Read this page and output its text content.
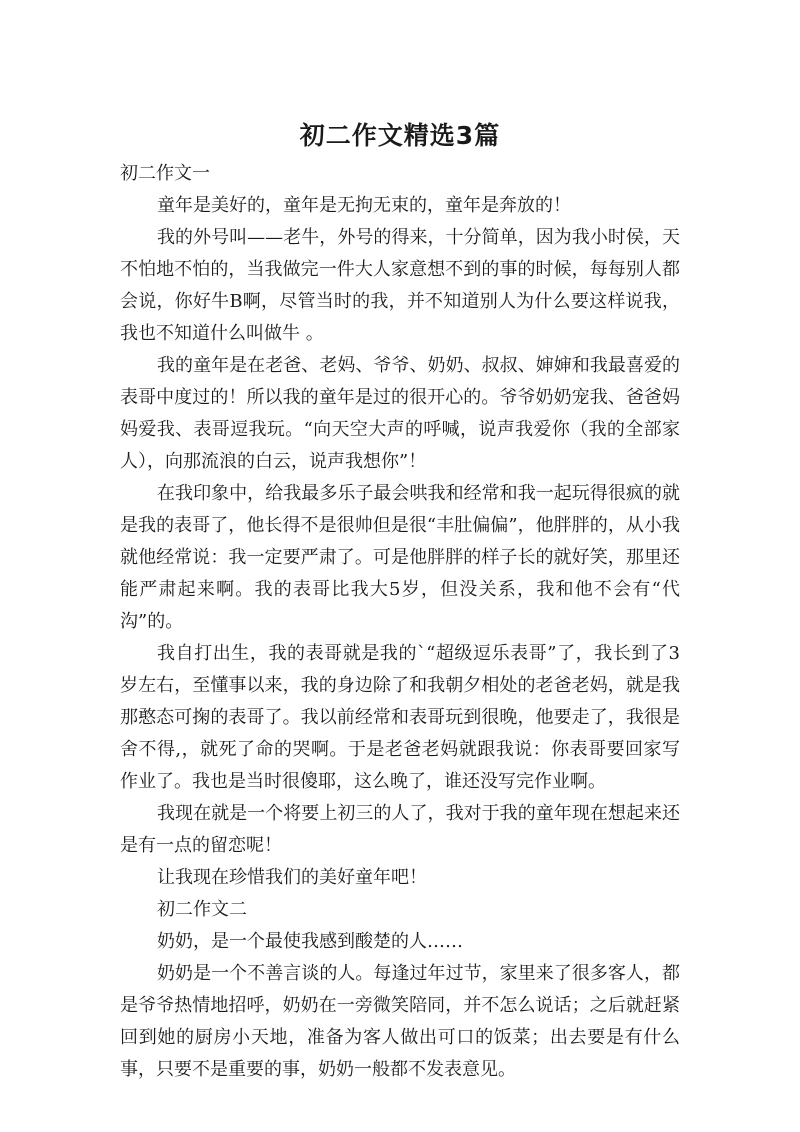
初二作文精选3篇

初二作文一

童年是美好的，童年是无拘无束的，童年是奔放的！

我的外号叫——老牛，外号的得来，十分简单，因为我小时侯，天不怕地不怕的，当我做完一件大人家意想不到的事的时候，每每别人都会说，你好牛B啊，尽管当时的我，并不知道别人为什么要这样说我，我也不知道什么叫做牛 。

我的童年是在老爸、老妈、爷爷、奶奶、叔叔、婶婶和我最喜爱的表哥中度过的！所以我的童年是过的很开心的。爷爷奶奶宠我、爸爸妈妈爱我、表哥逗我玩。“向天空大声的呼喊，说声我爱你（我的全部家人），向那流浪的白云，说声我想你”！

在我印象中，给我最多乐子最会哄我和经常和我一起玩得很疯的就是我的表哥了，他长得不是很帅但是很“丰肚偏偏”，他胖胖的，从小我就他经常说：我一定要严肃了。可是他胖胖的样子长的就好笑，那里还能严肃起来啊。我的表哥比我大5岁，但没关系，我和他不会有“代沟”的。

我自打出生，我的表哥就是我的`“超级逗乐表哥”了，我长到了3岁左右，至懂事以来，我的身边除了和我朝夕相处的老爸老妈，就是我那憨态可掬的表哥了。我以前经常和表哥玩到很晚，他要走了，我很是舍不得,，就死了命的哭啊。于是老爸老妈就跟我说：你表哥要回家写作业了。我也是当时很傻耶，这么晚了，谁还没写完作业啊。

我现在就是一个将要上初三的人了，我对于我的童年现在想起来还是有一点的留恋呢！

让我现在珍惜我们的美好童年吧！

初二作文二

奶奶，是一个最使我感到酸楚的人……

奶奶是一个不善言谈的人。每逢过年过节，家里来了很多客人，都是爷爷热情地招呼，奶奶在一旁微笑陪同，并不怎么说话；之后就赶紧回到她的厨房小天地，准备为客人做出可口的饭菜；出去要是有什么事，只要不是重要的事，奶奶一般都不发表意见。
